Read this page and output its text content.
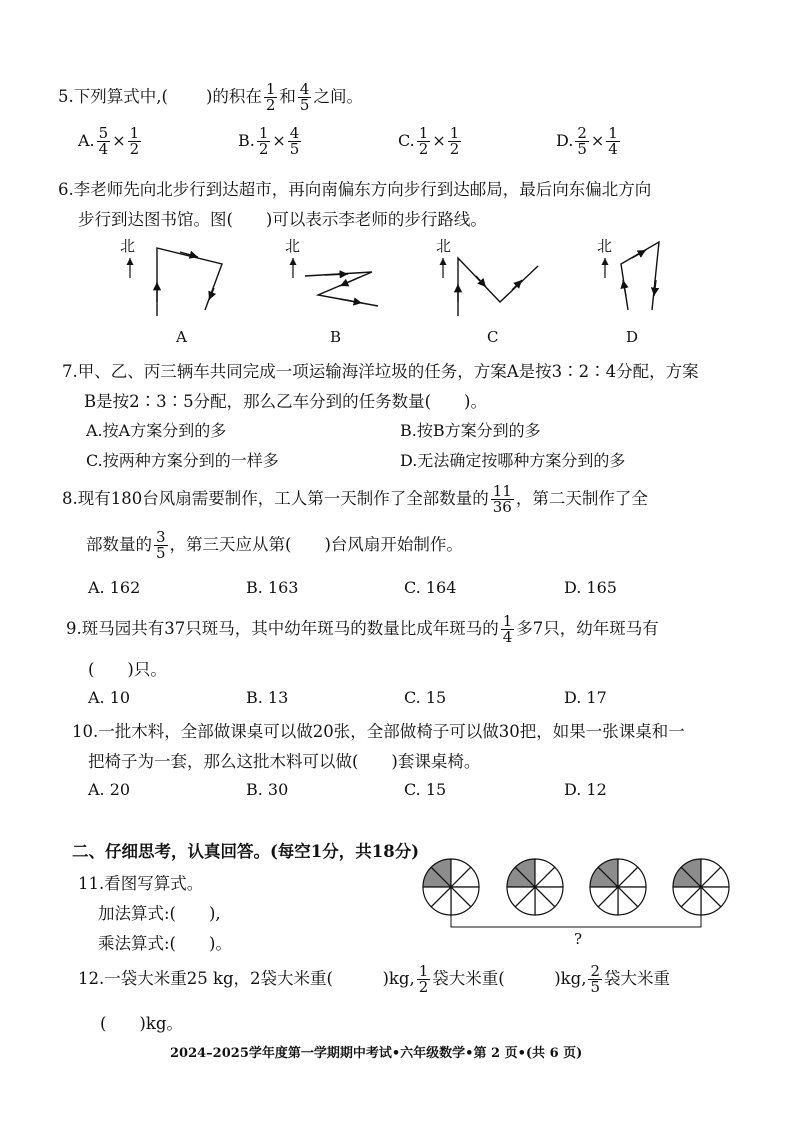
5.下列算式中,( )的积在 $\frac{1}{2}$ 和 $\frac{4}{5}$ 之间。
A. $\frac{5}{4} \times \frac{1}{2}$	B. $\frac{1}{2} \times \frac{4}{5}$	C. $\frac{1}{2} \times \frac{1}{2}$	D. $\frac{2}{5} \times \frac{1}{4}$
6.李老师先向北步行到达超市，再向南偏东方向步行到达邮局，最后向东偏北方向
步行到达图书馆。图(　　)可以表示李老师的步行路线。
北	北	北	北
A	B	C	D
7.甲、乙、丙三辆车共同完成一项运输海洋垃圾的任务，方案A是按3∶2∶4分配，方案
B是按2∶3∶5分配，那么乙车分到的任务数量(　　)。
A.按A方案分到的多	B.按B方案分到的多
C.按两种方案分到的一样多	D.无法确定按哪种方案分到的多
8.现有180台风扇需要制作，工人第一天制作了全部数量的 $\frac{11}{36}$ ，第二天制作了全
部数量的 $\frac{3}{5}$ ，第三天应从第(　　)台风扇开始制作。
A. 162	B. 163	C. 164	D. 165
9.斑马园共有37只斑马，其中幼年斑马的数量比成年斑马的 $\frac{1}{4}$ 多7只，幼年斑马有
(　　)只。
A. 10	B. 13	C. 15	D. 17
10.一批木料，全部做课桌可以做20张，全部做椅子可以做30把，如果一张课桌和一
把椅子为一套，那么这批木料可以做(　　)套课桌椅。
A. 20	B. 30	C. 15	D. 12
二、仔细思考，认真回答。(每空1分，共18分)
11.看图写算式。
加法算式:(　　),
乘法算式:(　　)。	?
12.一袋大米重25 kg，2袋大米重(　　　)kg, $\frac{1}{2}$ 袋大米重(　　　)kg, $\frac{2}{5}$ 袋大米重
(　　)kg。
2024–2025学年度第一学期期中考试•六年级数学•第 2 页•(共 6 页)
